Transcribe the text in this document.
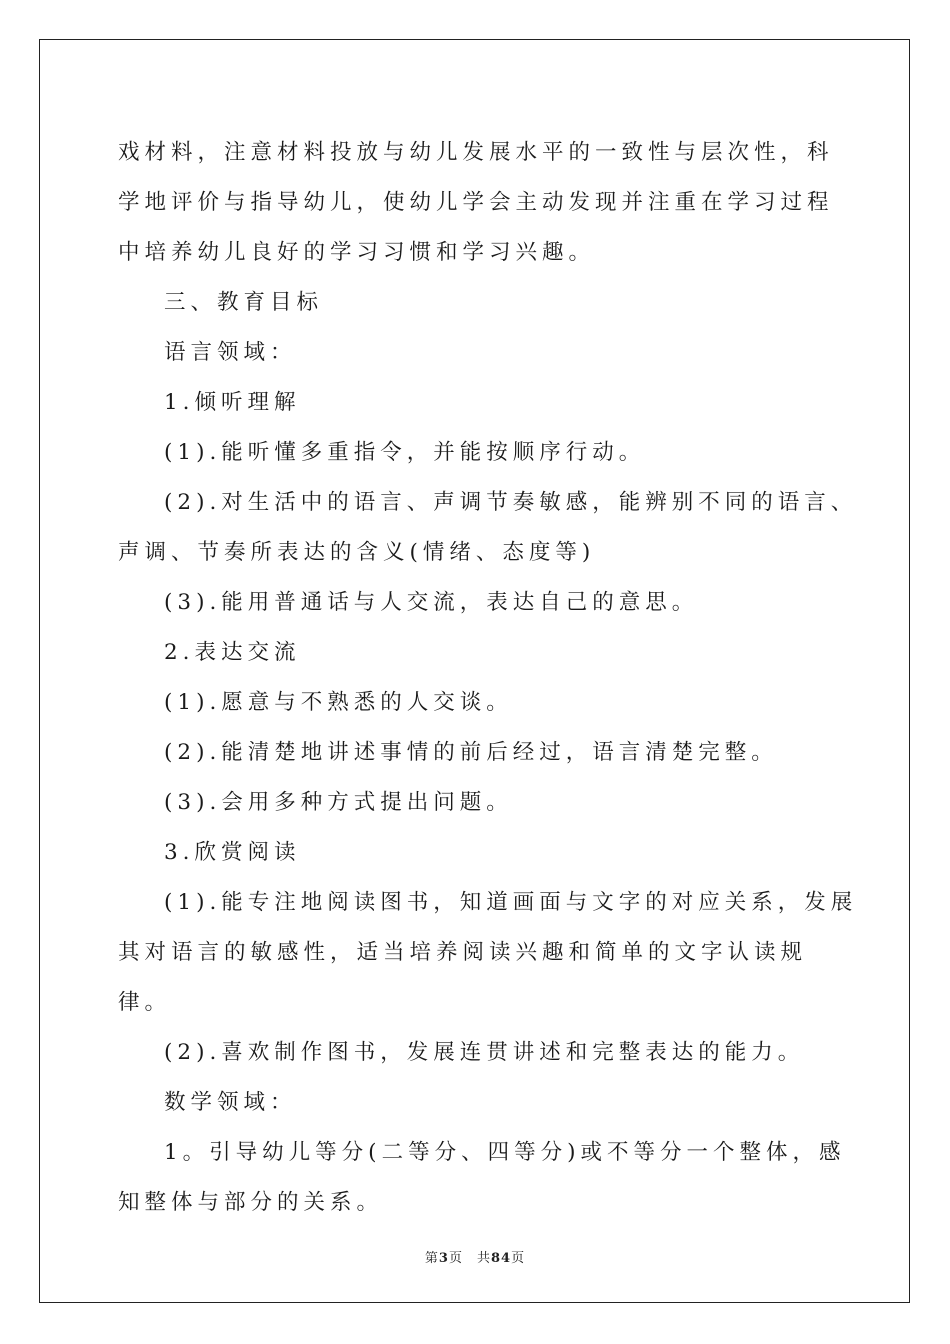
戏材料，注意材料投放与幼儿发展水平的一致性与层次性，科学地评价与指导幼儿，使幼儿学会主动发现并注重在学习过程中培养幼儿良好的学习习惯和学习兴趣。

三、教育目标

语言领域：

1.倾听理解

(1).能听懂多重指令，并能按顺序行动。

(2).对生活中的语言、声调节奏敏感，能辨别不同的语言、声调、节奏所表达的含义(情绪、态度等)

(3).能用普通话与人交流，表达自己的意思。

2.表达交流

(1).愿意与不熟悉的人交谈。

(2).能清楚地讲述事情的前后经过，语言清楚完整。

(3).会用多种方式提出问题。

3.欣赏阅读

(1).能专注地阅读图书，知道画面与文字的对应关系，发展其对语言的敏感性，适当培养阅读兴趣和简单的文字认读规律。

(2).喜欢制作图书，发展连贯讲述和完整表达的能力。

数学领域：

1。引导幼儿等分(二等分、四等分)或不等分一个整体，感知整体与部分的关系。

第3页 共84页
